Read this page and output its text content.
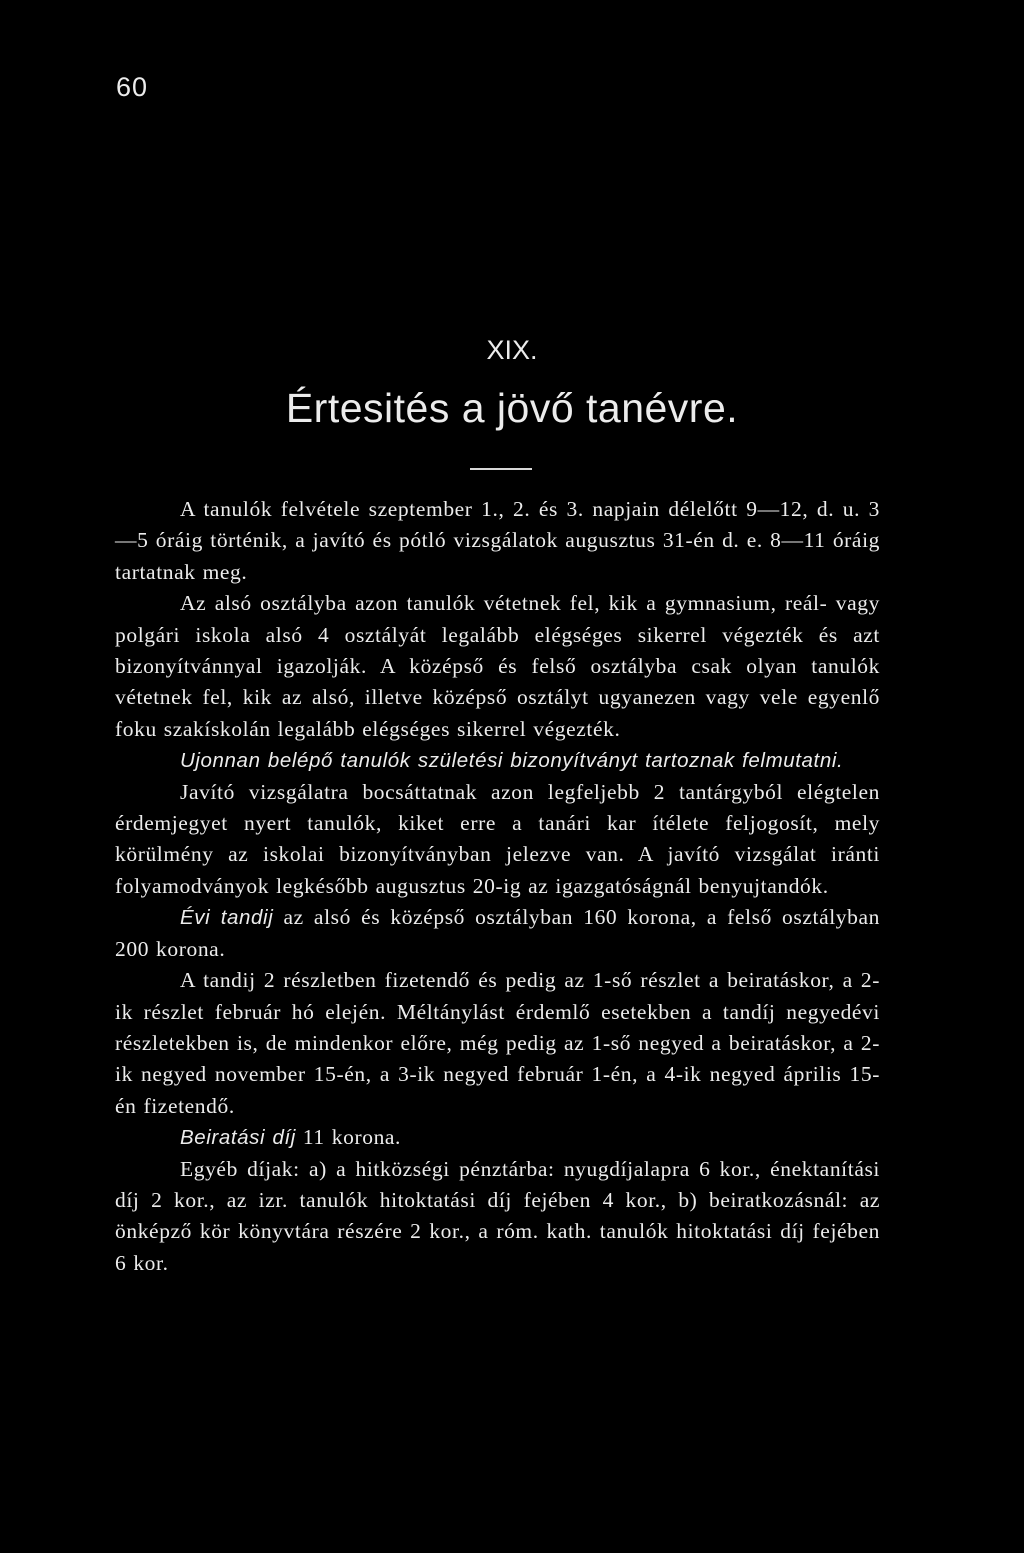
60
XIX.
Értesités a jövő tanévre.

A tanulók felvétele szeptember 1., 2. és 3. napjain délelőtt 9—12, d. u. 3—5 óráig történik, a javító és pótló vizsgálatok augusztus 31-én d. e. 8—11 óráig tartatnak meg.

Az alsó osztályba azon tanulók vétetnek fel, kik a gymnasium, reál- vagy polgári iskola alsó 4 osztályát legalább elégséges sikerrel végezték és azt bizonyítvánnyal igazolják. A középső és felső osztályba csak olyan tanulók vétetnek fel, kik az alsó, illetve középső osztályt ugyanezen vagy vele egyenlő foku szakískolán legalább elégséges sikerrel végezték.

Ujonnan belépő tanulók születési bizonyítványt tartoznak felmutatni.

Javító vizsgálatra bocsáttatnak azon legfeljebb 2 tantárgyból elégtelen érdemjegyet nyert tanulók, kiket erre a tanári kar ítélete feljogosít, mely körülmény az iskolai bizonyítványban jelezve van. A javító vizsgálat iránti folyamodványok legkésőbb augusztus 20-ig az igazgatóságnál benyujtandók.

Évi tandij az alsó és középső osztályban 160 korona, a felső osztályban 200 korona.

A tandij 2 részletben fizetendő és pedig az 1-ső részlet a beiratáskor, a 2-ik részlet február hó elején. Méltánylást érdemlő esetekben a tandíj negyedévi részletekben is, de mindenkor előre, még pedig az 1-ső negyed a beiratáskor, a 2-ik negyed november 15-én, a 3-ik negyed február 1-én, a 4-ik negyed április 15-én fizetendő.

Beiratási díj 11 korona.

Egyéb díjak: a) a hitközségi pénztárba: nyugdíjalapra 6 kor., énektanítási díj 2 kor., az izr. tanulók hitoktatási díj fejében 4 kor., b) beiratkozásnál: az önképző kör könyvtára részére 2 kor., a róm. kath. tanulók hitoktatási díj fejében 6 kor.
